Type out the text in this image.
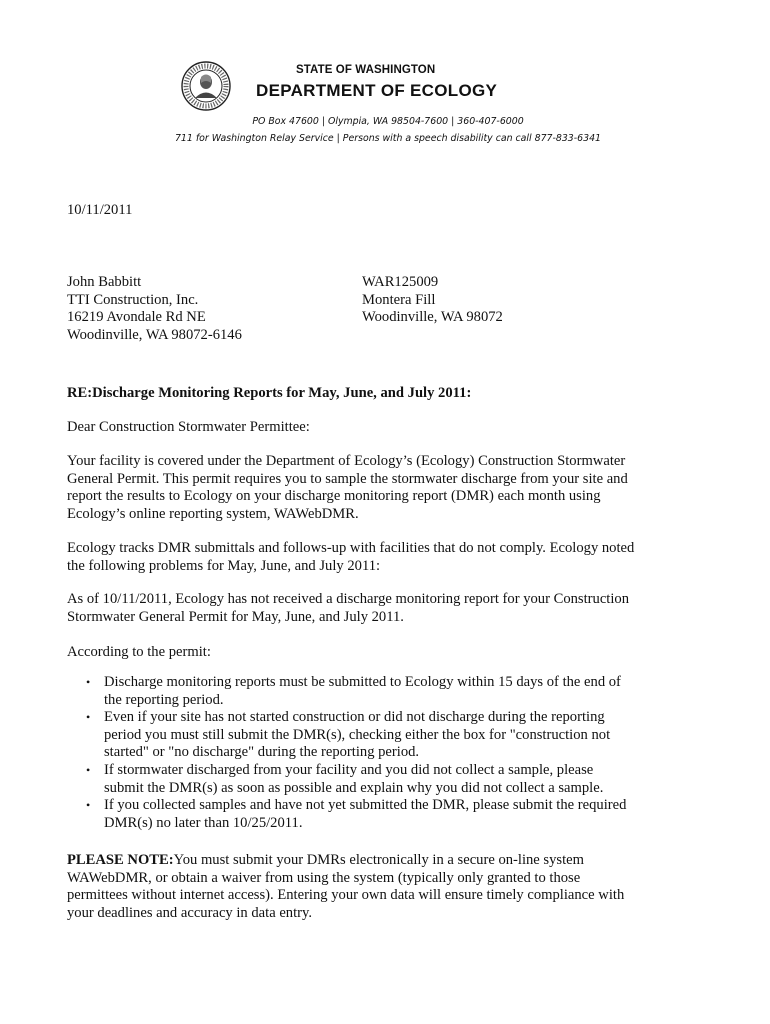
STATE OF WASHINGTON
DEPARTMENT OF ECOLOGY
PO Box 47600 | Olympia, WA 98504-7600 | 360-407-6000
711 for Washington Relay Service | Persons with a speech disability can call 877-833-6341
10/11/2011
John Babbitt
TTI Construction, Inc.
16219 Avondale Rd NE
Woodinville, WA 98072-6146
WAR125009
Montera Fill
Woodinville, WA 98072
RE:Discharge Monitoring Reports for May, June, and July 2011:
Dear Construction Stormwater Permittee:
Your facility is covered under the Department of Ecology’s (Ecology) Construction Stormwater
General Permit. This permit requires you to sample the stormwater discharge from your site and
report the results to Ecology on your discharge monitoring report (DMR) each month using
Ecology’s online reporting system, WAWebDMR.
Ecology tracks DMR submittals and follows-up with facilities that do not comply. Ecology noted
the following problems for May, June, and July 2011:
As of 10/11/2011, Ecology has not received a discharge monitoring report for your Construction
Stormwater General Permit for May, June, and July 2011.
According to the permit:
• Discharge monitoring reports must be submitted to Ecology within 15 days of the end of
the reporting period.
• Even if your site has not started construction or did not discharge during the reporting
period you must still submit the DMR(s), checking either the box for "construction not
started" or "no discharge" during the reporting period.
• If stormwater discharged from your facility and you did not collect a sample, please
submit the DMR(s) as soon as possible and explain why you did not collect a sample.
• If you collected samples and have not yet submitted the DMR, please submit the required
DMR(s) no later than 10/25/2011.
PLEASE NOTE:You must submit your DMRs electronically in a secure on-line system
WAWebDMR, or obtain a waiver from using the system (typically only granted to those
permittees without internet access). Entering your own data will ensure timely compliance with
your deadlines and accuracy in data entry.
